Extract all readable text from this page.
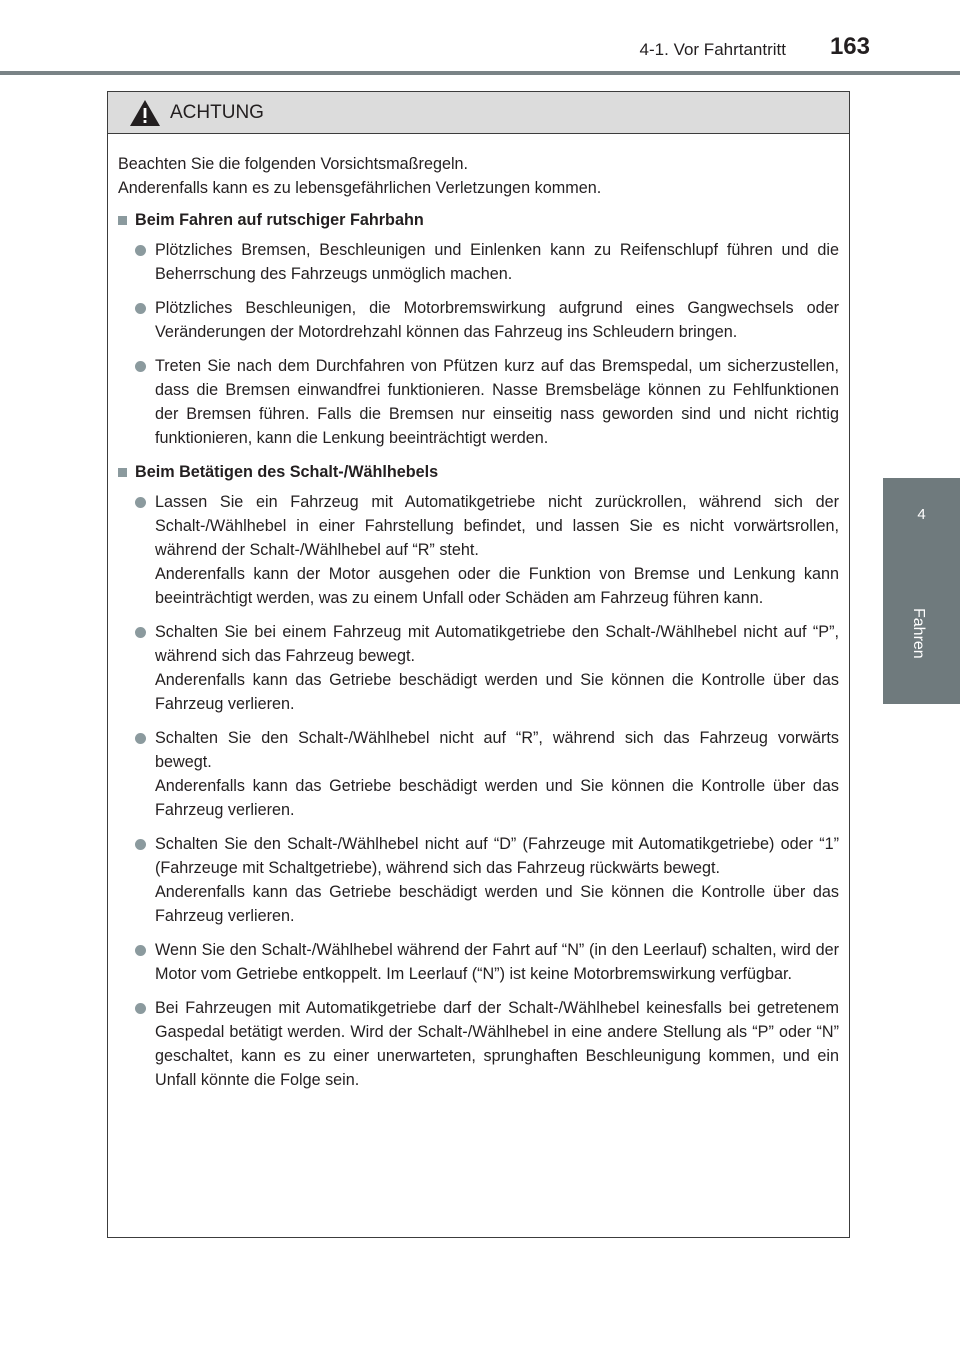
4-1. Vor Fahrtantritt 163
4
Fahren
ACHTUNG

Beachten Sie die folgenden Vorsichtsmaßregeln.

Anderenfalls kann es zu lebensgefährlichen Verletzungen kommen.

Beim Fahren auf rutschiger Fahrbahn

Plötzliches Bremsen, Beschleunigen und Einlenken kann zu Reifenschlupf führen und die Beherrschung des Fahrzeugs unmöglich machen.

Plötzliches Beschleunigen, die Motorbremswirkung aufgrund eines Gangwechsels oder Veränderungen der Motordrehzahl können das Fahrzeug ins Schleudern bringen.

Treten Sie nach dem Durchfahren von Pfützen kurz auf das Bremspedal, um sicherzustellen, dass die Bremsen einwandfrei funktionieren. Nasse Bremsbeläge können zu Fehlfunktionen der Bremsen führen. Falls die Bremsen nur einseitig nass geworden sind und nicht richtig funktionieren, kann die Lenkung beeinträchtigt werden.

Beim Betätigen des Schalt-/Wählhebels

Lassen Sie ein Fahrzeug mit Automatikgetriebe nicht zurückrollen, während sich der Schalt-/Wählhebel in einer Fahrstellung befindet, und lassen Sie es nicht vorwärtsrollen, während der Schalt-/Wählhebel auf “R” steht.

Anderenfalls kann der Motor ausgehen oder die Funktion von Bremse und Lenkung kann beeinträchtigt werden, was zu einem Unfall oder Schäden am Fahrzeug führen kann.

Schalten Sie bei einem Fahrzeug mit Automatikgetriebe den Schalt-/Wählhebel nicht auf “P”, während sich das Fahrzeug bewegt.

Anderenfalls kann das Getriebe beschädigt werden und Sie können die Kontrolle über das Fahrzeug verlieren.

Schalten Sie den Schalt-/Wählhebel nicht auf “R”, während sich das Fahrzeug vorwärts bewegt.

Anderenfalls kann das Getriebe beschädigt werden und Sie können die Kontrolle über das Fahrzeug verlieren.

Schalten Sie den Schalt-/Wählhebel nicht auf “D” (Fahrzeuge mit Automatikgetriebe) oder “1” (Fahrzeuge mit Schaltgetriebe), während sich das Fahrzeug rückwärts bewegt.

Anderenfalls kann das Getriebe beschädigt werden und Sie können die Kontrolle über das Fahrzeug verlieren.

Wenn Sie den Schalt-/Wählhebel während der Fahrt auf “N” (in den Leerlauf) schalten, wird der Motor vom Getriebe entkoppelt. Im Leerlauf (“N”) ist keine Motorbremswirkung verfügbar.

Bei Fahrzeugen mit Automatikgetriebe darf der Schalt-/Wählhebel keinesfalls bei getretenem Gaspedal betätigt werden. Wird der Schalt-/Wählhebel in eine andere Stellung als “P” oder “N” geschaltet, kann es zu einer unerwarteten, sprunghaften Beschleunigung kommen, und ein Unfall könnte die Folge sein.
